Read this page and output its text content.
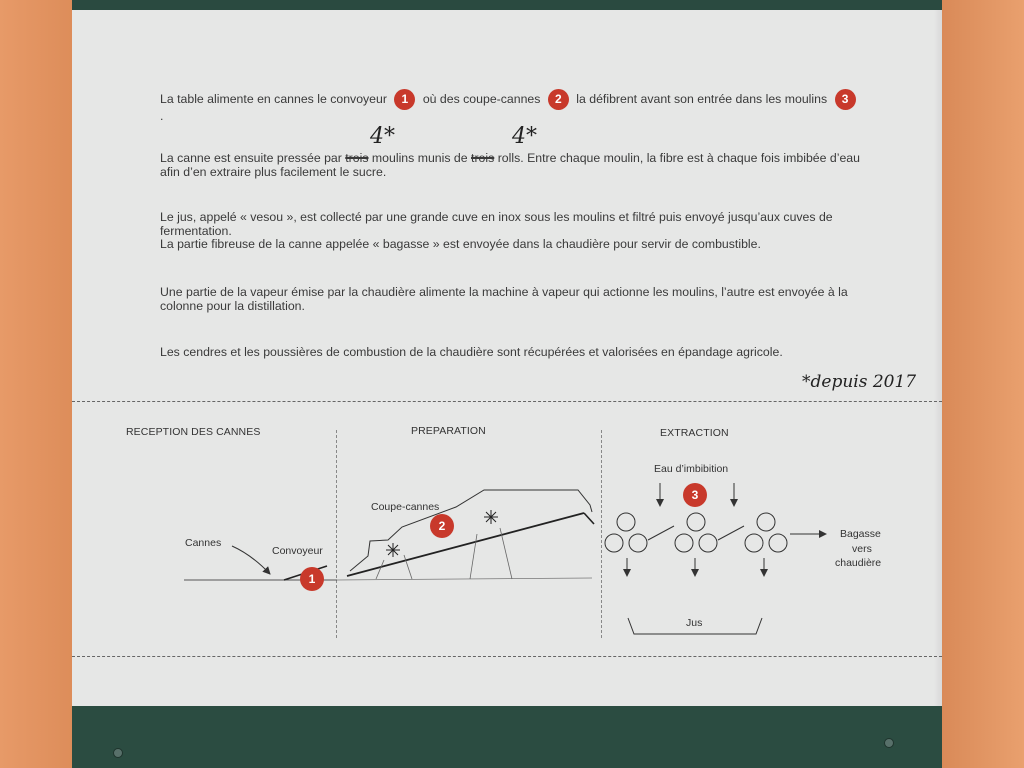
La table alimente en cannes le convoyeur 1 où des coupe-cannes 2 la défibrent avant son entrée dans les moulins 3.

La canne est ensuite pressée par trois moulins munis de trois rolls. Entre chaque moulin, la fibre est à chaque fois imbibée d’eau afin d’en extraire plus facilement le sucre.

4*	4*

Le jus, appelé « vesou », est collecté par une grande cuve en inox sous les moulins et filtré puis envoyé jusqu’aux cuves de fermentation.
La partie fibreuse de la canne appelée « bagasse » est envoyée dans la chaudière pour servir de combustible.

Une partie de la vapeur émise par la chaudière alimente la machine à vapeur qui actionne les moulins, l’autre est envoyée à la colonne pour la distillation.

Les cendres et les poussières de combustion de la chaudière sont récupérées et valorisées en épandage agricole.

*depuis 2017

RECEPTION DES CANNES	PREPARATION	EXTRACTION

Cannes

Convoyeur

Coupe-cannes

Eau d’imbibition

Bagasse

vers

chaudière

Jus

1
2
3
